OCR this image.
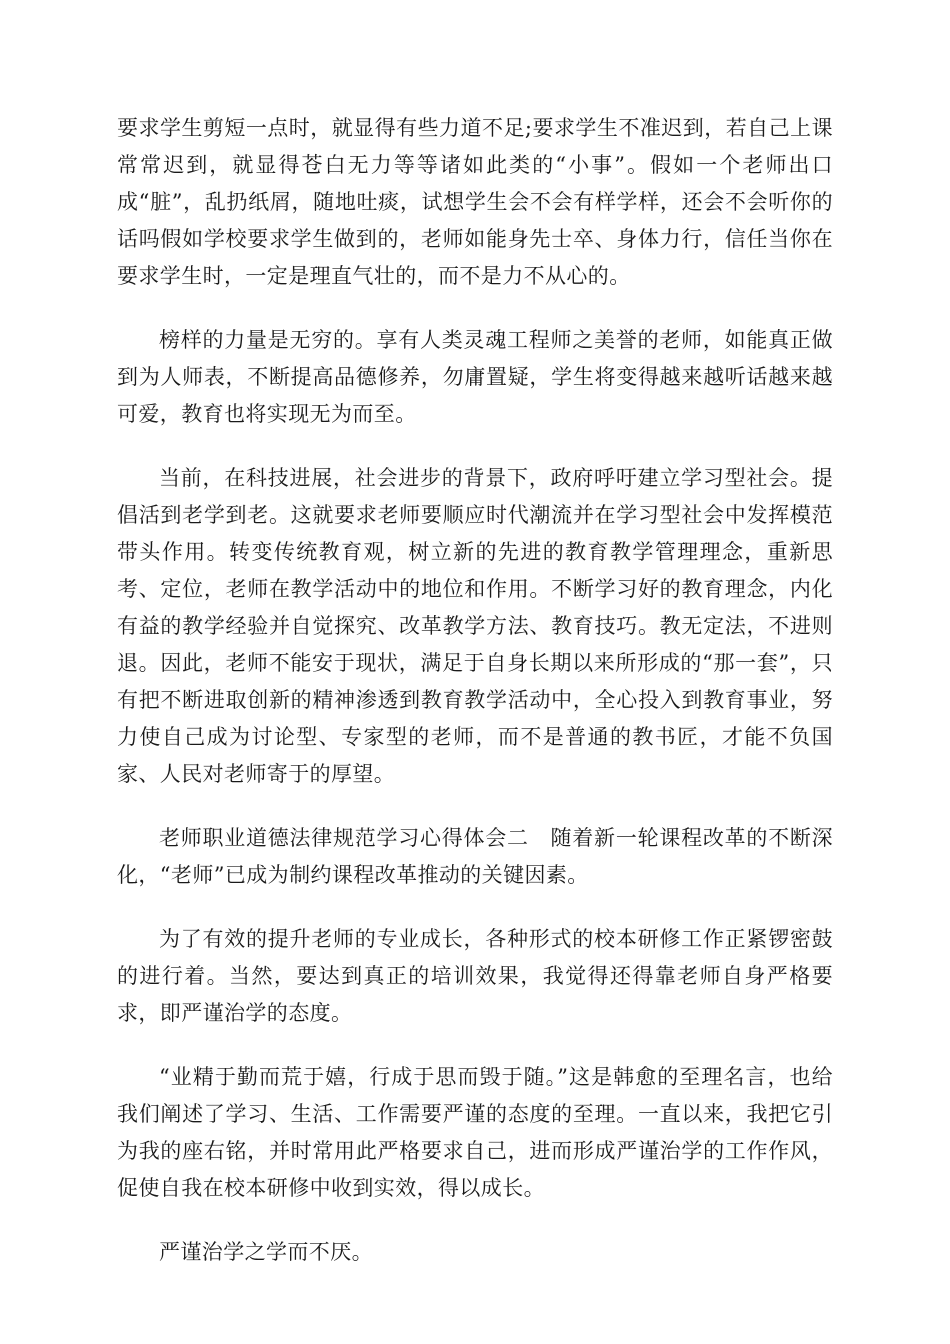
要求学生剪短一点时，就显得有些力道不足;要求学生不准迟到，若自己上课常常迟到，就显得苍白无力等等诸如此类的“小事”。假如一个老师出口成“脏”，乱扔纸屑，随地吐痰，试想学生会不会有样学样，还会不会听你的话吗假如学校要求学生做到的，老师如能身先士卒、身体力行，信任当你在要求学生时，一定是理直气壮的，而不是力不从心的。

榜样的力量是无穷的。享有人类灵魂工程师之美誉的老师，如能真正做到为人师表，不断提高品德修养，勿庸置疑，学生将变得越来越听话越来越可爱，教育也将实现无为而至。

当前，在科技进展，社会进步的背景下，政府呼吁建立学习型社会。提倡活到老学到老。这就要求老师要顺应时代潮流并在学习型社会中发挥模范带头作用。转变传统教育观，树立新的先进的教育教学管理理念，重新思考、定位，老师在教学活动中的地位和作用。不断学习好的教育理念，内化有益的教学经验并自觉探究、改革教学方法、教育技巧。教无定法，不进则退。因此，老师不能安于现状，满足于自身长期以来所形成的“那一套”，只有把不断进取创新的精神渗透到教育教学活动中，全心投入到教育事业，努力使自己成为讨论型、专家型的老师，而不是普通的教书匠，才能不负国家、人民对老师寄于的厚望。

老师职业道德法律规范学习心得体会二　随着新一轮课程改革的不断深化，“老师”已成为制约课程改革推动的关键因素。

为了有效的提升老师的专业成长，各种形式的校本研修工作正紧锣密鼓的进行着。当然，要达到真正的培训效果，我觉得还得靠老师自身严格要求，即严谨治学的态度。

“业精于勤而荒于嬉，行成于思而毁于随。”这是韩愈的至理名言，也给我们阐述了学习、生活、工作需要严谨的态度的至理。一直以来，我把它引为我的座右铭，并时常用此严格要求自己，进而形成严谨治学的工作作风，促使自我在校本研修中收到实效，得以成长。

严谨治学之学而不厌。
